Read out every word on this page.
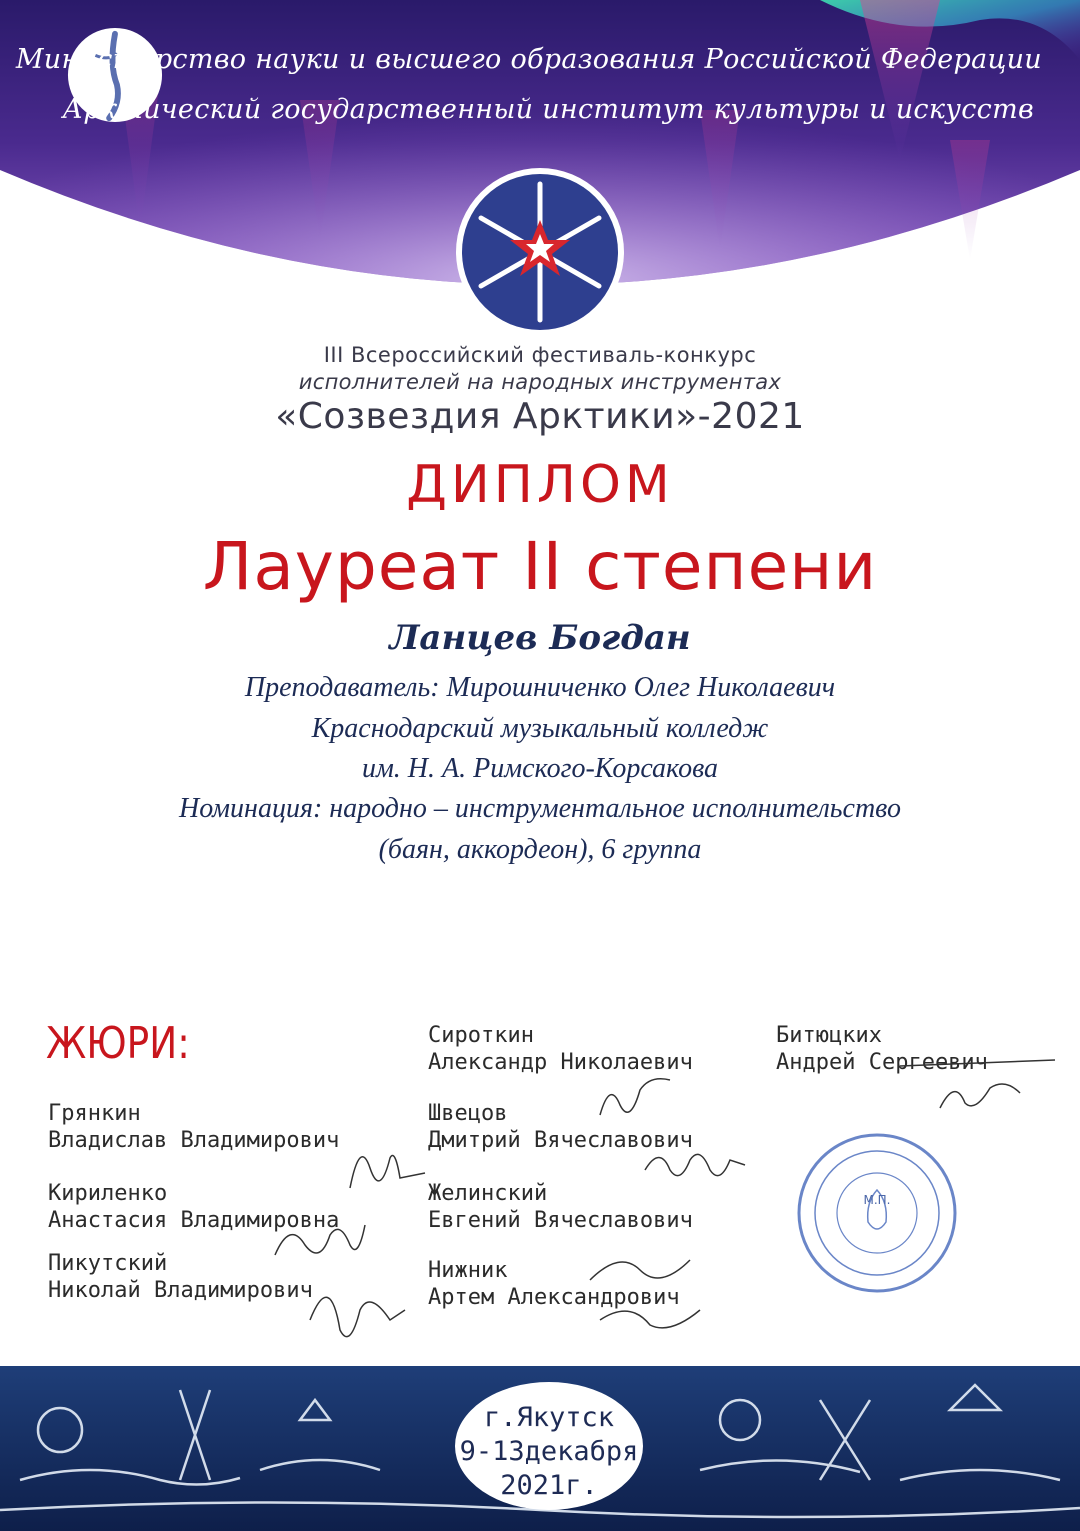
Министерство науки и высшего образования Российской Федерации
Арктический государственный институт культуры и искусств
III Всероссийский фестиваль-конкурс
исполнителей на народных инструментах
«Созвездия Арктики»-2021
ДИПЛОМ
Лауреат II степени
Ланцев Богдан
Преподаватель: Мирошниченко Олег Николаевич
Краснодарский музыкальный колледж
им. Н. А. Римского-Корсакова
Номинация: народно – инструментальное исполнительство
(баян, аккордеон), 6 группа
ЖЮРИ:
Грянкин
Владислав Владимирович
Кириленко
Анастасия Владимировна
Пикутский
Николай Владимирович
Сироткин
Александр Николаевич
Швецов
Дмитрий Вячеславович
Желинский
Евгений Вячеславович
Нижник
Артем Александрович
Битюцких
Андрей Сергеевич
М.П.
г.Якутск
9-13декабря
2021г.
